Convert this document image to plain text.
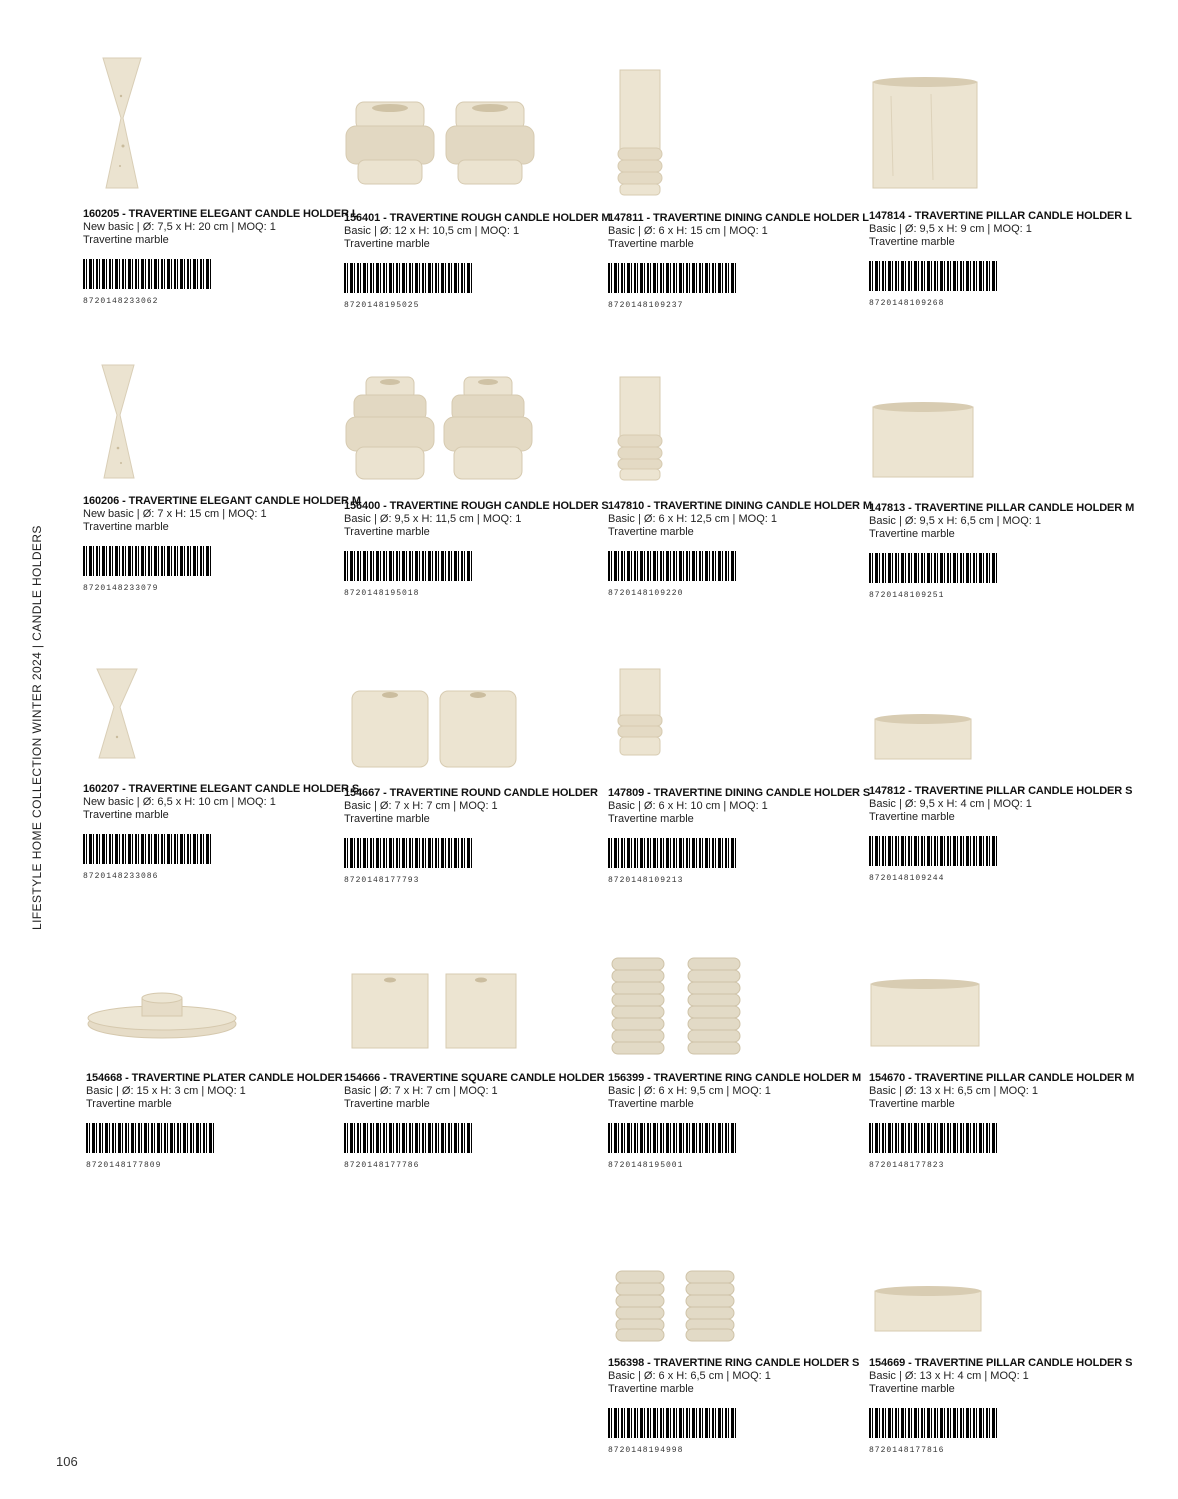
LIFESTYLE HOME COLLECTION WINTER 2024 | CANDLE HOLDERS
106
160205 - TRAVERTINE ELEGANT CANDLE HOLDER L
New basic | Ø: 7,5 x H: 20 cm | MOQ: 1
Travertine marble
8720148233062
156401 - TRAVERTINE ROUGH CANDLE HOLDER M
Basic | Ø: 12 x H: 10,5 cm | MOQ: 1
Travertine marble
8720148195025
147811 - TRAVERTINE DINING CANDLE HOLDER L
Basic | Ø: 6 x H: 15 cm | MOQ: 1
Travertine marble
8720148109237
147814 - TRAVERTINE PILLAR CANDLE HOLDER L
Basic | Ø: 9,5 x H: 9 cm | MOQ: 1
Travertine marble
8720148109268
160206 - TRAVERTINE ELEGANT CANDLE HOLDER M
New basic | Ø: 7 x H: 15 cm | MOQ: 1
Travertine marble
8720148233079
156400 - TRAVERTINE ROUGH CANDLE HOLDER S
Basic | Ø: 9,5 x H: 11,5 cm | MOQ: 1
Travertine marble
8720148195018
147810 - TRAVERTINE DINING CANDLE HOLDER M
Basic | Ø: 6 x H: 12,5 cm | MOQ: 1
Travertine marble
8720148109220
147813 - TRAVERTINE PILLAR CANDLE HOLDER M
Basic | Ø: 9,5 x H: 6,5 cm | MOQ: 1
Travertine marble
8720148109251
160207 - TRAVERTINE ELEGANT CANDLE HOLDER S
New basic | Ø: 6,5 x H: 10 cm | MOQ: 1
Travertine marble
8720148233086
154667 - TRAVERTINE ROUND CANDLE HOLDER
Basic | Ø: 7 x H: 7 cm | MOQ: 1
Travertine marble
8720148177793
147809 - TRAVERTINE DINING CANDLE HOLDER S
Basic | Ø: 6 x H: 10 cm | MOQ: 1
Travertine marble
8720148109213
147812 - TRAVERTINE PILLAR CANDLE HOLDER S
Basic | Ø: 9,5 x H: 4 cm | MOQ: 1
Travertine marble
8720148109244
154668 - TRAVERTINE PLATER CANDLE HOLDER
Basic | Ø: 15 x H: 3 cm | MOQ: 1
Travertine marble
8720148177809
154666 - TRAVERTINE SQUARE CANDLE HOLDER
Basic | Ø: 7 x H: 7 cm | MOQ: 1
Travertine marble
8720148177786
156399 - TRAVERTINE RING CANDLE HOLDER M
Basic | Ø: 6 x H: 9,5 cm | MOQ: 1
Travertine marble
8720148195001
154670 - TRAVERTINE PILLAR CANDLE HOLDER M
Basic | Ø: 13 x H: 6,5 cm | MOQ: 1
Travertine marble
8720148177823
156398 - TRAVERTINE RING CANDLE HOLDER S
Basic | Ø: 6 x H: 6,5 cm | MOQ: 1
Travertine marble
8720148194998
154669 - TRAVERTINE PILLAR CANDLE HOLDER S
Basic | Ø: 13 x H: 4 cm | MOQ: 1
Travertine marble
8720148177816
